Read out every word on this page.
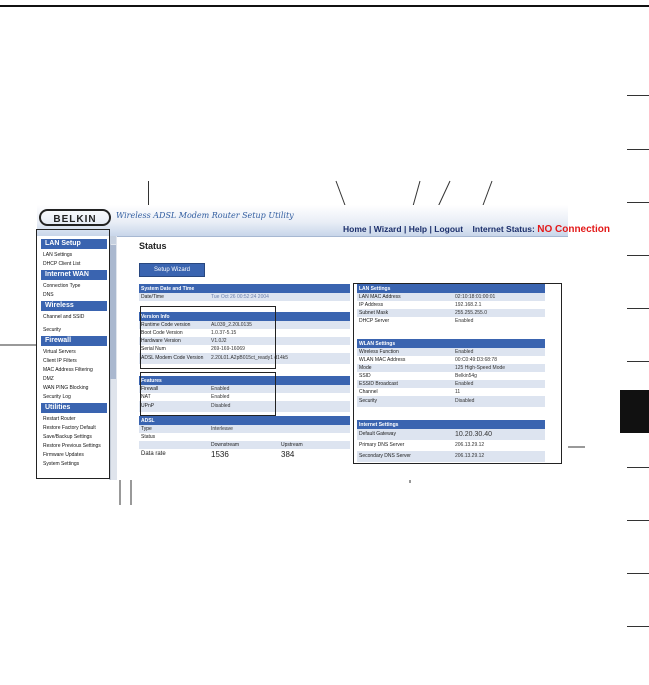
BELKIN	Wireless ADSL Modem Router Setup Utility
Home | Wizard | Help | Logout Internet Status: NO Connection
LAN Setup
LAN Settings
DHCP Client List
Internet WAN
Connection Type
DNS
Wireless
Channel and SSID
Security
Firewall
Virtual Servers
Client IP Filters
MAC Address Filtering
DMZ
WAN PING Blocking
Security Log
Utilities
Restart Router
Restore Factory Default
Save/Backup Settings
Restore Previous Settings
Firmware Updates
System Settings
Status
Setup Wizard
System Date and Time
Date/Time	Tue Oct 26 00:52:24 2004
Version Info	
Runtime Code version	AL039_2.20L0135
Boot Code Version	1.0.37-5.15
Hardware Version	V1.0J2
Serial Num	269-169-16069
ADSL Modem Code Version	2.20L01.A2pB015ct_ready1 d14k5
Features	
Firewall	Enabled
NAT	Enabled
UPnP	Disabled
ADSL		
Type	Interleave	
Status		
	Downstream	Upstream
Data rate	1536	384
LAN Settings	
LAN MAC Address	02:10:18:01:00:01
IP Address	192.168.2.1
Subnet Mask	255.255.255.0
DHCP Server	Enabled
WLAN Settings	
Wireless Function	Enabled
WLAN MAC Address	00:C0:49:D3:68:78
Mode	125 High-Speed Mode
SSID	Belkin54g
ESSID Broadcast	Enabled
Channel	11
Security	Disabled
Internet Settings	
Default Gateway	10.20.30.40
Primary DNS Server	206.13.29.12
Secondary DNS Server	206.13.29.12
